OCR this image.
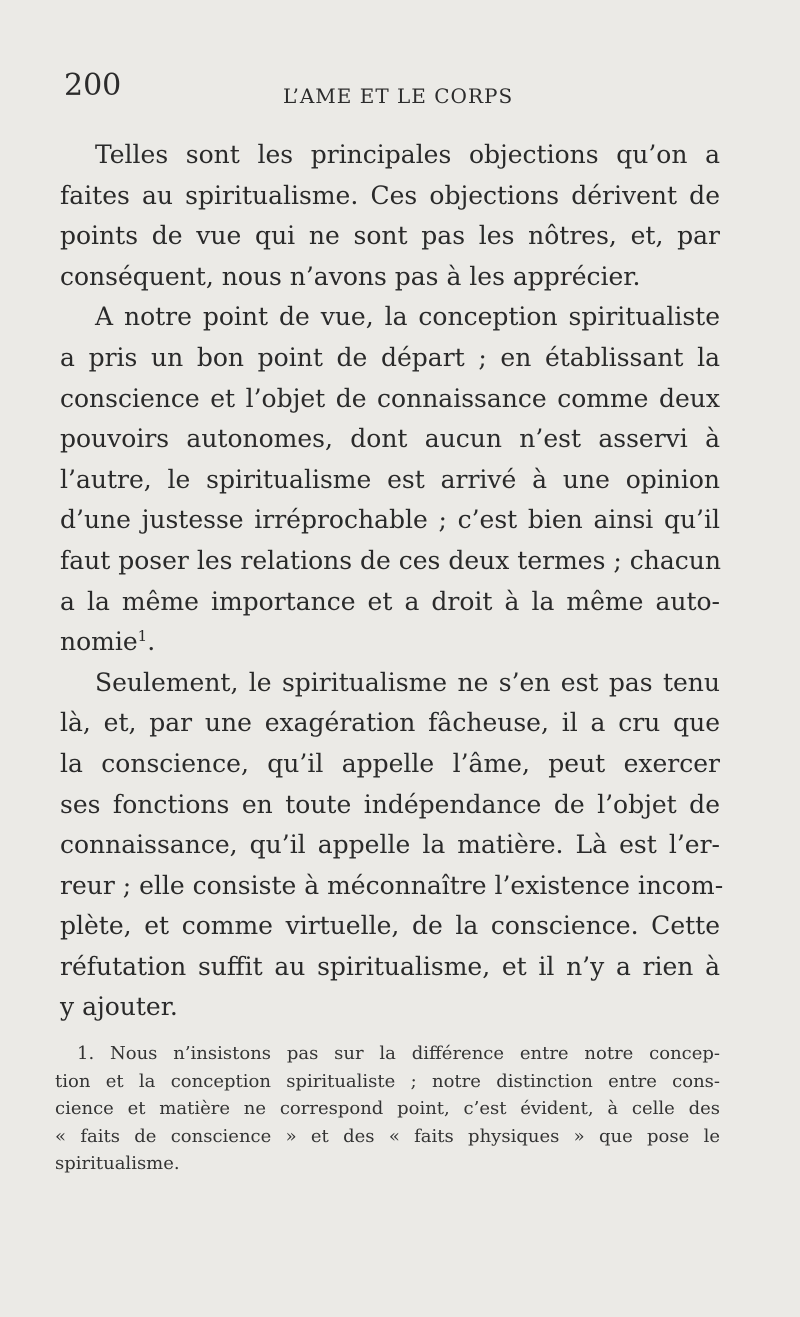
200	L’AME ET LE CORPS
Telles sont les principales objections qu’on a
faites au spiritualisme. Ces objections dérivent de
points de vue qui ne sont pas les nôtres, et, par
conséquent, nous n’avons pas à les apprécier.
A notre point de vue, la conception spiritualiste
a pris un bon point de départ ; en établissant la
conscience et l’objet de connaissance comme deux
pouvoirs autonomes, dont aucun n’est asservi à
l’autre, le spiritualisme est arrivé à une opinion
d’une justesse irréprochable ; c’est bien ainsi qu’il
faut poser les relations de ces deux termes ; chacun
a la même importance et a droit à la même auto-
nomie$^1$.
Seulement, le spiritualisme ne s’en est pas tenu
là, et, par une exagération fâcheuse, il a cru que
la conscience, qu’il appelle l’âme, peut exercer
ses fonctions en toute indépendance de l’objet de
connaissance, qu’il appelle la matière. Là est l’er-
reur ; elle consiste à méconnaître l’existence incom-
plète, et comme virtuelle, de la conscience. Cette
réfutation suffit au spiritualisme, et il n’y a rien à
y ajouter.
1. Nous n’insistons pas sur la différence entre notre concep-
tion et la conception spiritualiste ; notre distinction entre cons-
cience et matière ne correspond point, c’est évident, à celle des
« faits de conscience » et des « faits physiques » que pose le
spiritualisme.
